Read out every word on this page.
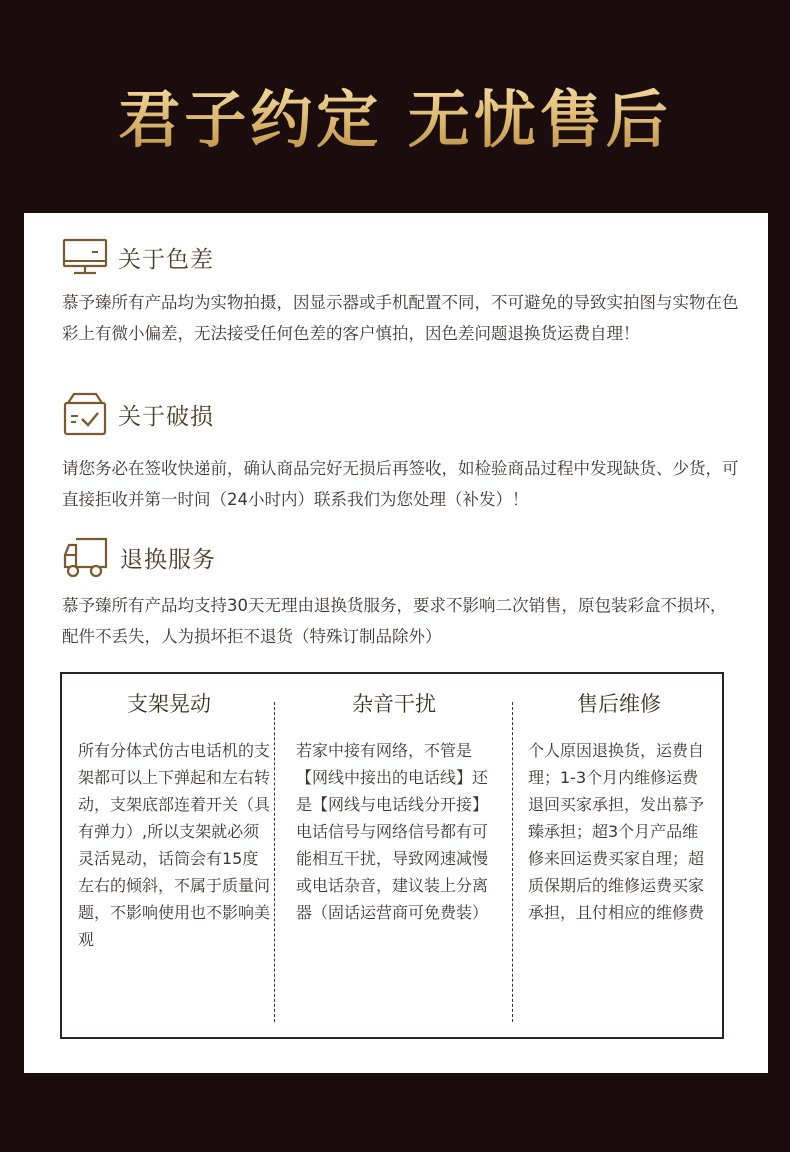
君子约定 无忧售后
关于色差
慕予臻所有产品均为实物拍摄，因显示器或手机配置不同，不可避免的导致实拍图与实物在色彩上有微小偏差，无法接受任何色差的客户慎拍，因色差问题退换货运费自理！
关于破损
请您务必在签收快递前，确认商品完好无损后再签收，如检验商品过程中发现缺货、少货，可直接拒收并第一时间（24小时内）联系我们为您处理（补发）！
退换服务
慕予臻所有产品均支持30天无理由退换货服务，要求不影响二次销售，原包装彩盒不损坏，配件不丢失，人为损坏拒不退货（特殊订制品除外）
支架晃动
所有分体式仿古电话机的支架都可以上下弹起和左右转动，支架底部连着开关（具有弹力）,所以支架就必须灵活晃动，话筒会有15度左右的倾斜，不属于质量问题，不影响使用也不影响美观
杂音干扰
若家中接有网络，不管是【网线中接出的电话线】还是【网线与电话线分开接】电话信号与网络信号都有可能相互干扰，导致网速减慢或电话杂音，建议装上分离器（固话运营商可免费装）
售后维修
个人原因退换货，运费自理；1-3个月内维修运费退回买家承担，发出慕予臻承担；超3个月产品维修来回运费买家自理；超质保期后的维修运费买家承担，且付相应的维修费
